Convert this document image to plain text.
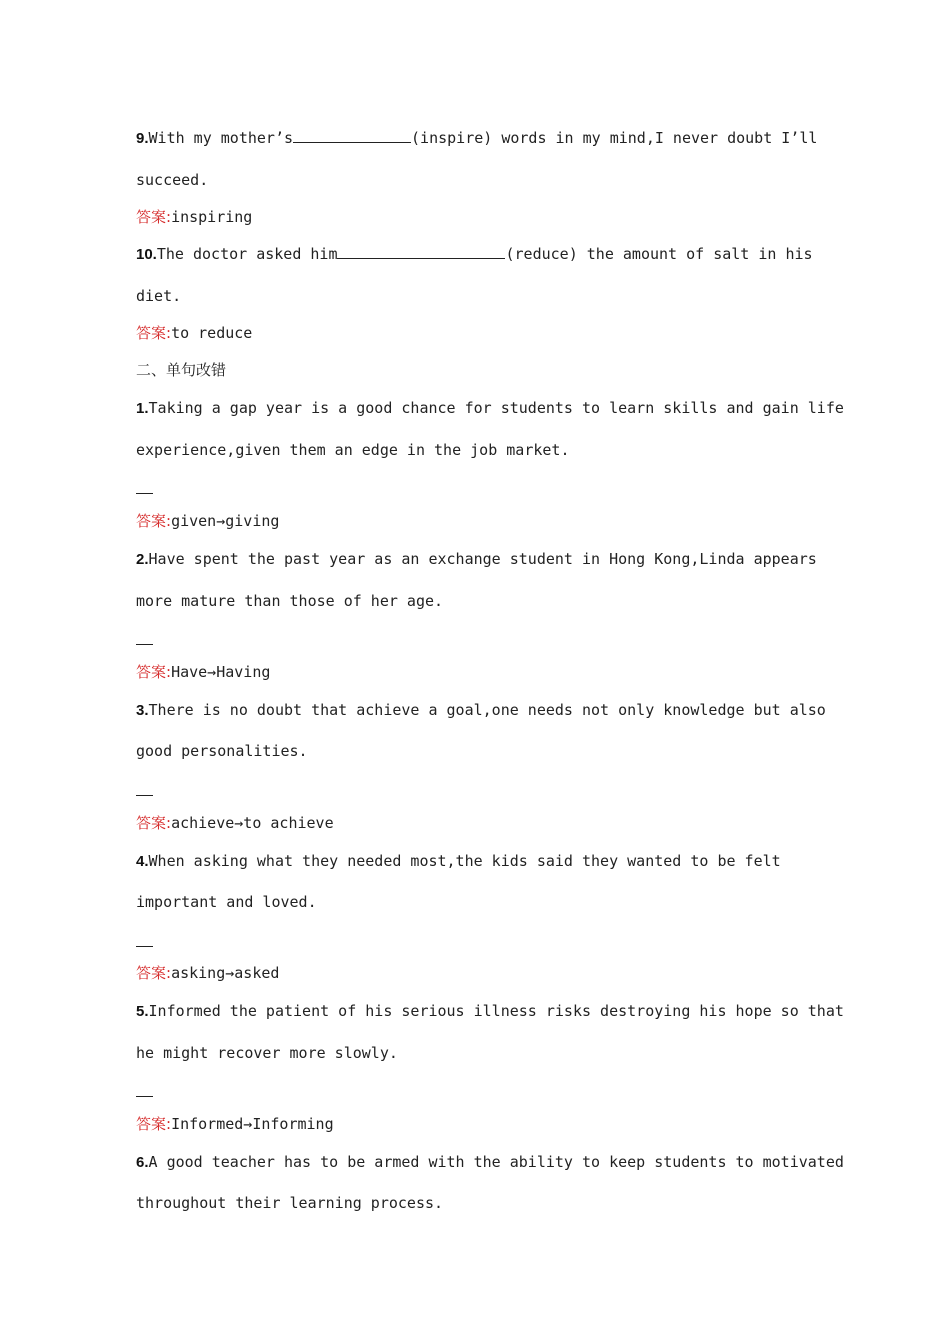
9.With my mother’s	(inspire) words in my mind,I never doubt I’ll
succeed.
答案:inspiring
10.The doctor asked him	(reduce) the amount of salt in his
diet.
答案:to reduce
二、单句改错
1.Taking a gap year is a good chance for students to learn skills and gain life
experience,given them an edge in the job market.
答案:given→giving
2.Have spent the past year as an exchange student in Hong Kong,Linda appears
more mature than those of her age.
答案:Have→Having
3.There is no doubt that achieve a goal,one needs not only knowledge but also
good personalities.
答案:achieve→to achieve
4.When asking what they needed most,the kids said they wanted to be felt
important and loved.
答案:asking→asked
5.Informed the patient of his serious illness risks destroying his hope so that
he might recover more slowly.
答案:Informed→Informing
6.A good teacher has to be armed with the ability to keep students to motivated
throughout their learning process.
